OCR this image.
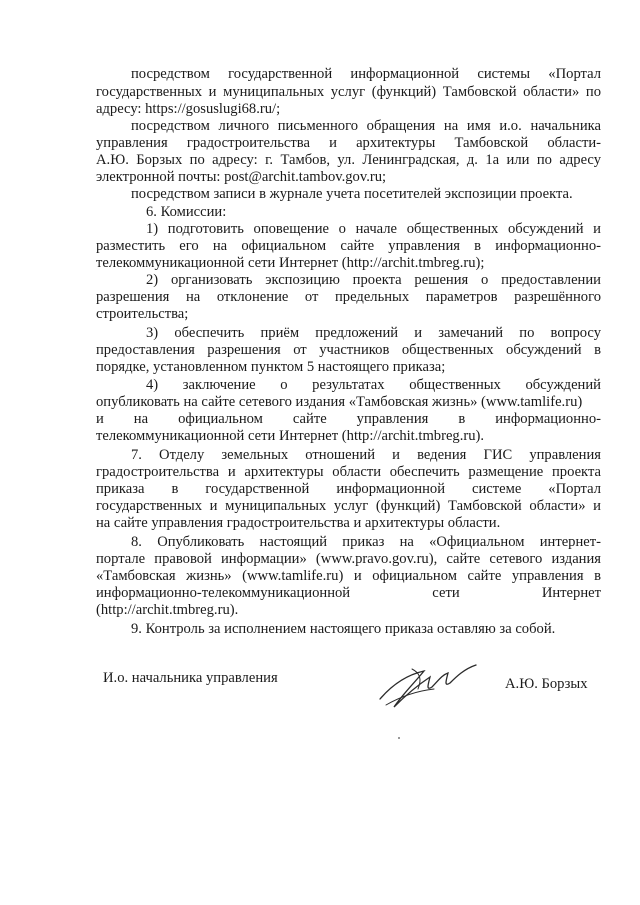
посредством государственной информационной системы «Портал
государственных и муниципальных услуг (функций) Тамбовской области» по
адресу: https://gosuslugi68.ru/;
посредством личного письменного обращения на имя и.о. начальника
управления градостроительства и архитектуры Тамбовской области-
А.Ю. Борзых по адресу: г. Тамбов, ул. Ленинградская, д. 1а или по адресу
электронной почты: post@archit.tambov.gov.ru;
посредством записи в журнале учета посетителей экспозиции проекта.
6. Комиссии:
1) подготовить оповещение о начале общественных обсуждений и
разместить его на официальном сайте управления в информационно-
телекоммуникационной сети Интернет (http://archit.tmbreg.ru);
2) организовать экспозицию проекта решения о предоставлении
разрешения на отклонение от предельных параметров разрешённого
строительства;
3) обеспечить приём предложений и замечаний по вопросу
предоставления разрешения от участников общественных обсуждений в
порядке, установленном пунктом 5 настоящего приказа;
4) заключение о результатах общественных обсуждений
опубликовать на сайте сетевого издания «Тамбовская жизнь» (www.tamlife.ru)
и на официальном сайте управления в информационно-
телекоммуникационной сети Интернет (http://archit.tmbreg.ru).
7. Отделу земельных отношений и ведения ГИС управления
градостроительства и архитектуры области обеспечить размещение проекта
приказа в государственной информационной системе «Портал
государственных и муниципальных услуг (функций) Тамбовской области» и
на сайте управления градостроительства и архитектуры области.
8. Опубликовать настоящий приказ на «Официальном интернет-
портале правовой информации» (www.pravo.gov.ru), сайте сетевого издания
«Тамбовская жизнь» (www.tamlife.ru) и официальном сайте управления в
информационно-телекоммуникационной сети Интернет
(http://archit.tmbreg.ru).
9. Контроль за исполнением настоящего приказа оставляю за собой.
И.о. начальника управления	А.Ю. Борзых
